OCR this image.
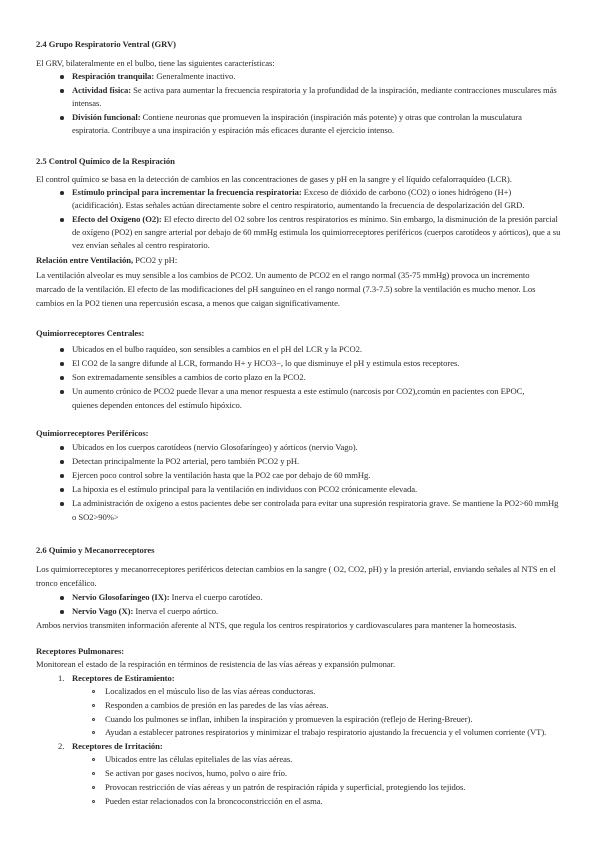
2.4 Grupo Respiratorio Ventral (GRV)
El GRV, bilateralmente en el bulbo, tiene las siguientes características:
Respiración tranquila: Generalmente inactivo.
Actividad física: Se activa para aumentar la frecuencia respiratoria y la profundidad de la inspiración, mediante contracciones musculares más
intensas.
División funcional: Contiene neuronas que promueven la inspiración (inspiración más potente) y otras que controlan la musculatura
espiratoria. Contribuye a una inspiración y espiración más eficaces durante el ejercicio intenso.
2.5 Control Químico de la Respiración
El control químico se basa en la detección de cambios en las concentraciones de gases y pH en la sangre y el líquido cefalorraquídeo (LCR).
Estímulo principal para incrementar la frecuencia respiratoria: Exceso de dióxido de carbono (CO2) o iones hidrógeno (H+)
(acidificación). Estas señales actúan directamente sobre el centro respiratorio, aumentando la frecuencia de despolarización del GRD.
Efecto del Oxígeno (O2): El efecto directo del O2 sobre los centros respiratorios es mínimo. Sin embargo, la disminución de la presión parcial
de oxígeno (PO2) en sangre arterial por debajo de 60 mmHg estimula los quimiorreceptores periféricos (cuerpos carotídeos y aórticos), que a su
vez envían señales al centro respiratorio.
Relación entre Ventilación, PCO2 y pH:
La ventilación alveolar es muy sensible a los cambios de PCO2. Un aumento de PCO2 en el rango normal (35-75 mmHg) provoca un incremento
marcado de la ventilación. El efecto de las modificaciones del pH sanguíneo en el rango normal (7.3-7.5) sobre la ventilación es mucho menor. Los
cambios en la PO2 tienen una repercusión escasa, a menos que caigan significativamente.
Quimiorreceptores Centrales:
Ubicados en el bulbo raquídeo, son sensibles a cambios en el pH del LCR y la PCO2.
El CO2 de la sangre difunde al LCR, formando H+ y HCO3−, lo que disminuye el pH y estimula estos receptores.
Son extremadamente sensibles a cambios de corto plazo en la PCO2.
Un aumento crónico de PCO2 puede llevar a una menor respuesta a este estímulo (narcosis por CO2),común en pacientes con EPOC,
quienes dependen entonces del estímulo hipóxico.
Quimiorreceptores Periféricos:
Ubicados en los cuerpos carotídeos (nervio Glosofaríngeo) y aórticos (nervio Vago).
Detectan principalmente la PO2 arterial, pero también PCO2 y pH.
Ejercen poco control sobre la ventilación hasta que la PO2 cae por debajo de 60 mmHg.
La hipoxia es el estímulo principal para la ventilación en individuos con PCO2 crónicamente elevada.
La administración de oxígeno a estos pacientes debe ser controlada para evitar una supresión respiratoria grave. Se mantiene la PO2>60 mmHg
o SO2>90%>
2.6 Quimio y Mecanorreceptores
Los quimiorreceptores y mecanorreceptores periféricos detectan cambios en la sangre ( O2, CO2, pH) y la presión arterial, enviando señales al NTS en el
tronco encefálico.
Nervio Glosofaríngeo (IX): Inerva el cuerpo carotídeo.
Nervio Vago (X): Inerva el cuerpo aórtico.
Ambos nervios transmiten información aferente al NTS, que regula los centros respiratorios y cardiovasculares para mantener la homeostasis.
Receptores Pulmonares:
Monitorean el estado de la respiración en términos de resistencia de las vías aéreas y expansión pulmonar.
1. Receptores de Estiramiento:
Localizados en el músculo liso de las vías aéreas conductoras.
Responden a cambios de presión en las paredes de las vías aéreas.
Cuando los pulmones se inflan, inhiben la inspiración y promueven la espiración (reflejo de Hering-Breuer).
Ayudan a establecer patrones respiratorios y minimizar el trabajo respiratorio ajustando la frecuencia y el volumen corriente (VT).
2. Receptores de Irritación:
Ubicados entre las células epiteliales de las vías aéreas.
Se activan por gases nocivos, humo, polvo o aire frío.
Provocan restricción de vías aéreas y un patrón de respiración rápida y superficial, protegiendo los tejidos.
Pueden estar relacionados con la broncoconstricción en el asma.
